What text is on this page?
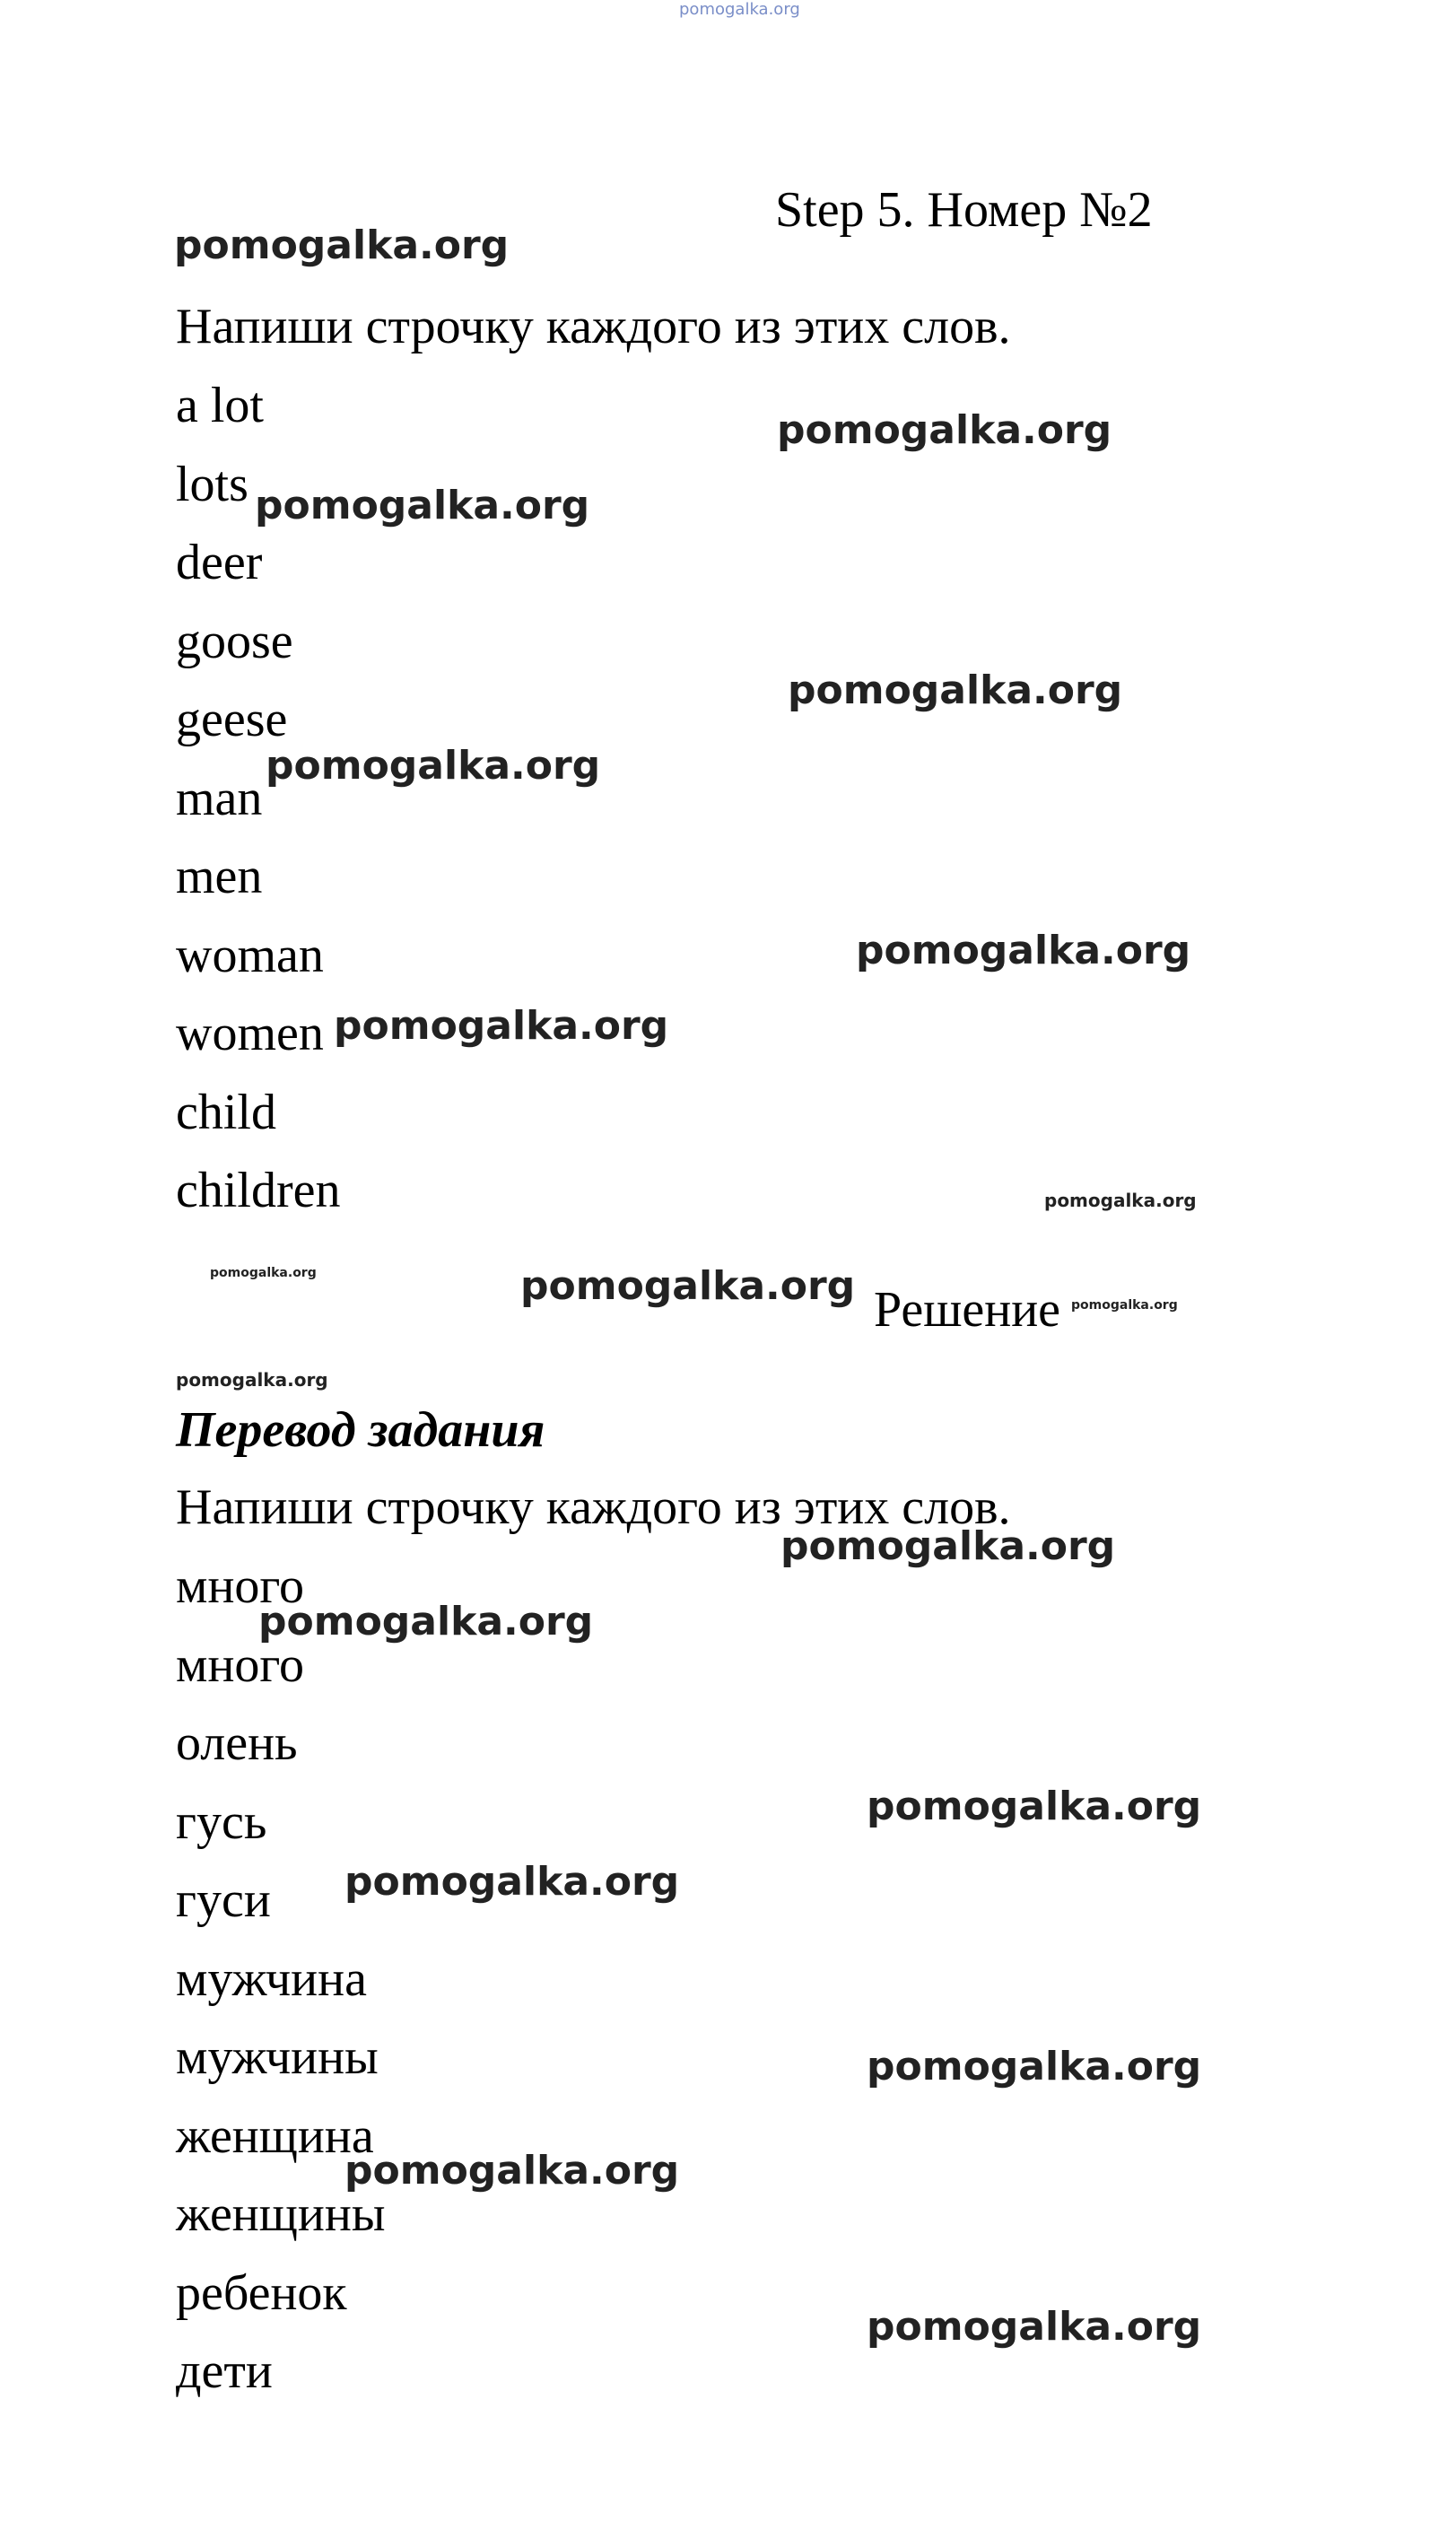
pomogalka.org
Step 5. Номер №2
Напиши строчку каждого из этих слов.
a lot
lots
deer
goose
geese
man
men
woman
women
child
children
Решение
Перевод задания
Напиши строчку каждого из этих слов.
много
много
олень
гусь
гуси
мужчина
мужчины
женщина
женщины
ребенок
дети
pomogalka.org
pomogalka.org
pomogalka.org
pomogalka.org
pomogalka.org
pomogalka.org
pomogalka.org
pomogalka.org
pomogalka.org	pomogalka.org	pomogalka.org
pomogalka.org
pomogalka.org
pomogalka.org
pomogalka.org
pomogalka.org
pomogalka.org
pomogalka.org
pomogalka.org
